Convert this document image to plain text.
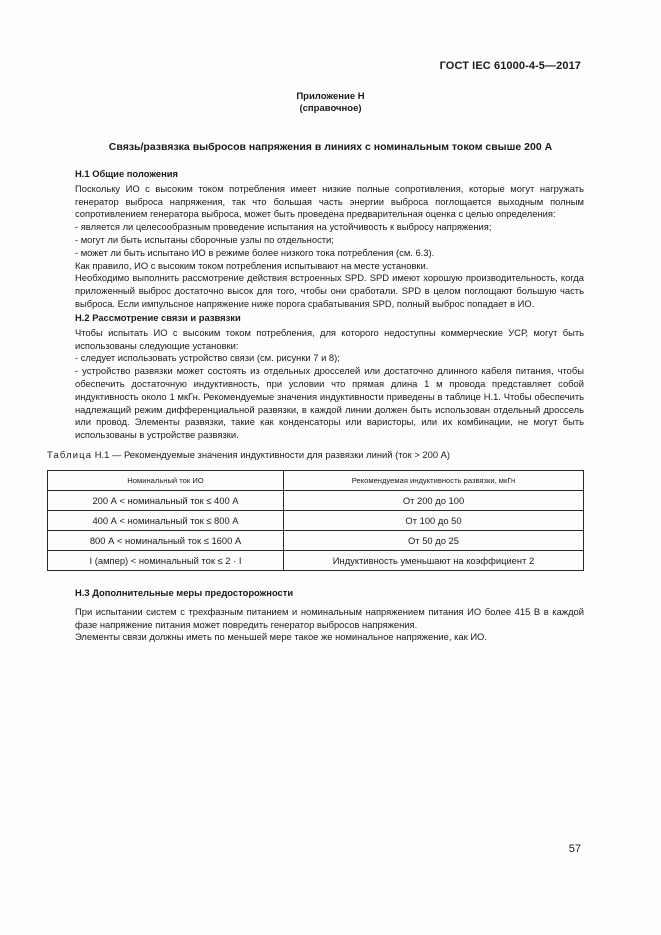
ГОСТ IEC 61000-4-5—2017
Приложение Н
(справочное)
Связь/развязка выбросов напряжения в линиях с номинальным током свыше 200 А
Н.1 Общие положения
Поскольку ИО с высоким током потребления имеет низкие полные сопротивления, которые могут нагружать генератор выброса напряжения, так что большая часть энергии выброса поглощается выходным полным сопротивлением генератора выброса, может быть проведена предварительная оценка с целью определения:
- является ли целесообразным проведение испытания на устойчивость к выбросу напряжения;
- могут ли быть испытаны сборочные узлы по отдельности;
- может ли быть испытано ИО в режиме более низкого тока потребления (см. 6.3).
Как правило, ИО с высоким током потребления испытывают на месте установки.
Необходимо выполнить рассмотрение действия встроенных SPD. SPD имеют хорошую производительность, когда приложенный выброс достаточно высок для того, чтобы они сработали. SPD в целом поглощают большую часть выброса. Если импульсное напряжение ниже порога срабатывания SPD, полный выброс попадает в ИО.
Н.2 Рассмотрение связи и развязки
Чтобы испытать ИО с высоким током потребления, для которого недоступны коммерческие УСР, могут быть использованы следующие установки:
- следует использовать устройство связи (см. рисунки 7 и 8);
- устройство развязки может состоять из отдельных дросселей или достаточно длинного кабеля питания, чтобы обеспечить достаточную индуктивность, при условии что прямая длина 1 м провода представляет собой индуктивность около 1 мкГн. Рекомендуемые значения индуктивности приведены в таблице Н.1. Чтобы обеспечить надлежащий режим дифференциальной развязки, в каждой линии должен быть использован отдельный дроссель или провод. Элементы развязки, такие как конденсаторы или варисторы, или их комбинации, не могут быть использованы в устройстве развязки.
Таблица Н.1 — Рекомендуемые значения индуктивности для развязки линий (ток > 200 А)
Номинальный ток ИО	Рекомендуемая индуктивность развязки, мкГн
200 А < номинальный ток ≤ 400 А	От 200 до 100
400 А < номинальный ток ≤ 800 А	От 100 до 50
800 А < номинальный ток ≤ 1600 А	От 50 до 25
I (ампер) < номинальный ток ≤ 2 · I	Индуктивность уменьшают на коэффициент 2
Н.3 Дополнительные меры предосторожности
При испытании систем с трехфазным питанием и номинальным напряжением питания ИО более 415 В в каждой фазе напряжение питания может повредить генератор выбросов напряжения.
Элементы связи должны иметь по меньшей мере такое же номинальное напряжение, как ИО.
57
